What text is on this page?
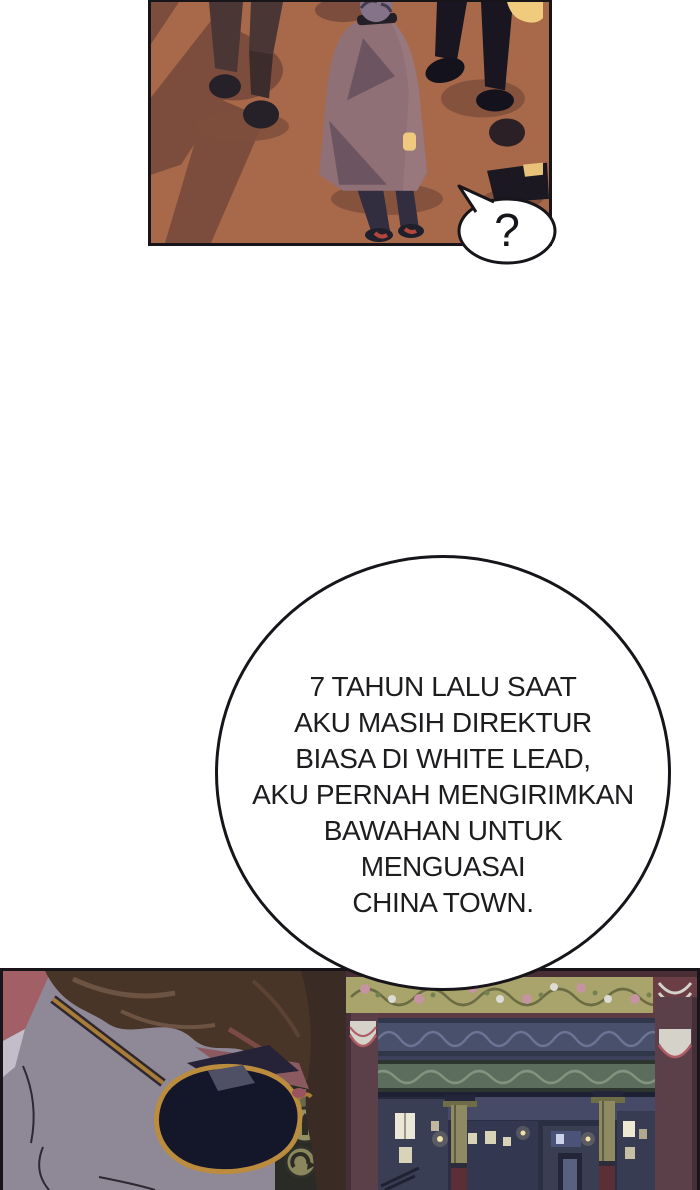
?
7 TAHUN LALU SAAT
AKU MASIH DIREKTUR
BIASA DI WHITE LEAD,
AKU PERNAH MENGIRIMKAN
BAWAHAN UNTUK
MENGUASAI
CHINA TOWN.
